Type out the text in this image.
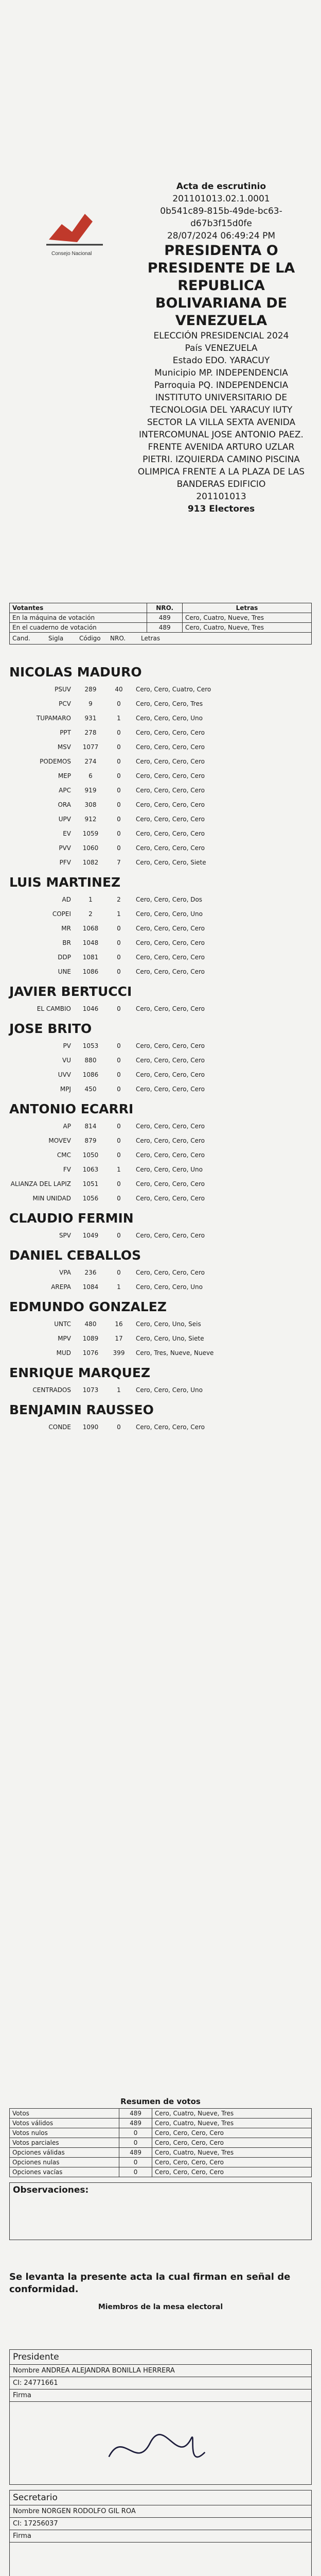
Consejo Nacional
Acta de escrutinio
201101013.02.1.0001
0b541c89-815b-49de-bc63-
d67b3f15d0fe
28/07/2024 06:49:24 PM
PRESIDENTA O PRESIDENTE DE LA REPUBLICA BOLIVARIANA DE VENEZUELA
ELECCIÓN PRESIDENCIAL 2024
País VENEZUELA
Estado EDO. YARACUY
Municipio MP. INDEPENDENCIA
Parroquia PQ. INDEPENDENCIA
INSTITUTO UNIVERSITARIO DE TECNOLOGIA DEL YARACUY IUTY
SECTOR LA VILLA SEXTA AVENIDA INTERCOMUNAL JOSE ANTONIO PAEZ. FRENTE AVENIDA ARTURO UZLAR PIETRI. IZQUIERDA CAMINO PISCINA OLIMPICA FRENTE A LA PLAZA DE LAS BANDERAS EDIFICIO
201101013
913 Electores
Votantes	NRO.	Letras
En la máquina de votación	489	Cero, Cuatro, Nueve, Tres
En el cuaderno de votación	489	Cero, Cuatro, Nueve, Tres
Cand.	Sigla	Código	NRO.	Letras
NICOLAS MADURO
PSUV	289	40	Cero, Cero, Cuatro, Cero
PCV	9	0	Cero, Cero, Cero, Tres
TUPAMARO	931	1	Cero, Cero, Cero, Uno
PPT	278	0	Cero, Cero, Cero, Cero
MSV	1077	0	Cero, Cero, Cero, Cero
PODEMOS	274	0	Cero, Cero, Cero, Cero
MEP	6	0	Cero, Cero, Cero, Cero
APC	919	0	Cero, Cero, Cero, Cero
ORA	308	0	Cero, Cero, Cero, Cero
UPV	912	0	Cero, Cero, Cero, Cero
EV	1059	0	Cero, Cero, Cero, Cero
PVV	1060	0	Cero, Cero, Cero, Cero
PFV	1082	7	Cero, Cero, Cero, Siete
LUIS MARTINEZ
AD	1	2	Cero, Cero, Cero, Dos
COPEI	2	1	Cero, Cero, Cero, Uno
MR	1068	0	Cero, Cero, Cero, Cero
BR	1048	0	Cero, Cero, Cero, Cero
DDP	1081	0	Cero, Cero, Cero, Cero
UNE	1086	0	Cero, Cero, Cero, Cero
JAVIER BERTUCCI
EL CAMBIO	1046	0	Cero, Cero, Cero, Cero
JOSE BRITO
PV	1053	0	Cero, Cero, Cero, Cero
VU	880	0	Cero, Cero, Cero, Cero
UVV	1086	0	Cero, Cero, Cero, Cero
MPJ	450	0	Cero, Cero, Cero, Cero
ANTONIO ECARRI
AP	814	0	Cero, Cero, Cero, Cero
MOVEV	879	0	Cero, Cero, Cero, Cero
CMC	1050	0	Cero, Cero, Cero, Cero
FV	1063	1	Cero, Cero, Cero, Uno
ALIANZA DEL LAPIZ	1051	0	Cero, Cero, Cero, Cero
MIN UNIDAD	1056	0	Cero, Cero, Cero, Cero
CLAUDIO FERMIN
SPV	1049	0	Cero, Cero, Cero, Cero
DANIEL CEBALLOS
VPA	236	0	Cero, Cero, Cero, Cero
AREPA	1084	1	Cero, Cero, Cero, Uno
EDMUNDO GONZALEZ
UNTC	480	16	Cero, Cero, Uno, Seis
MPV	1089	17	Cero, Cero, Uno, Siete
MUD	1076	399	Cero, Tres, Nueve, Nueve
ENRIQUE MARQUEZ
CENTRADOS	1073	1	Cero, Cero, Cero, Uno
BENJAMIN RAUSSEO
CONDE	1090	0	Cero, Cero, Cero, Cero
Resumen de votos
Votos	489	Cero, Cuatro, Nueve, Tres
Votos válidos	489	Cero, Cuatro, Nueve, Tres
Votos nulos	0	Cero, Cero, Cero, Cero
Votos parciales	0	Cero, Cero, Cero, Cero
Opciones válidas	489	Cero, Cuatro, Nueve, Tres
Opciones nulas	0	Cero, Cero, Cero, Cero
Opciones vacías	0	Cero, Cero, Cero, Cero
Observaciones:
Se levanta la presente acta la cual firman en señal de conformidad.
Miembros de la mesa electoral
Presidente
Nombre ANDREA ALEJANDRA BONILLA HERRERA
CI: 24771661
Firma
Secretario
Nombre NORGEN RODOLFO GIL ROA
CI: 17256037
Firma
